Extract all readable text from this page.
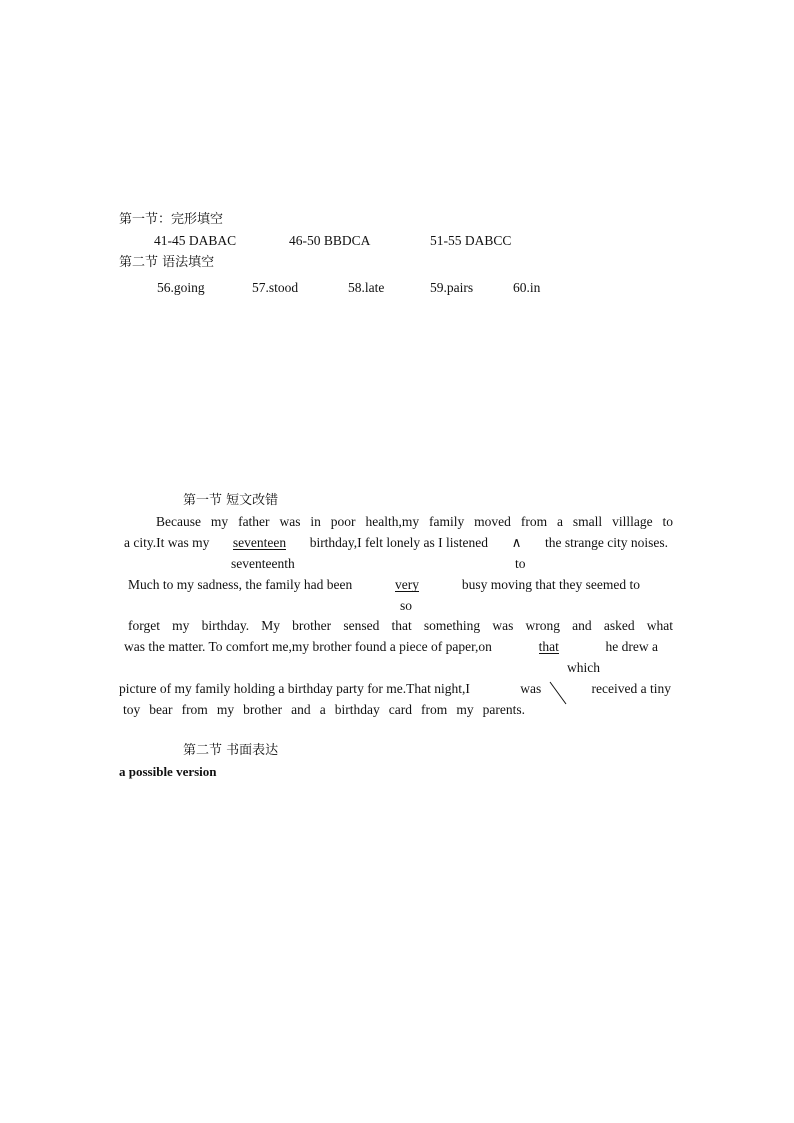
第一节：完形填空
41-45 DABAC	46-50 BBDCA	51-55 DABCC
第二节 语法填空
56.going	57.stood	58.late	59.pairs	60.in
第一节 短文改错
Because my father was in poor health,my family moved from a small villlage to
a city.It was my seventeen birthday,I felt lonely as I listened ∧ the strange city noises.
seventeenth	to
Much to my sadness, the family had been	very	busy moving that they seemed to
so
forget my birthday. My brother sensed that something was wrong and asked what
was the matter. To comfort me,my brother found a piece of paper,on	that	he drew a
which
picture of my family holding a birthday party for me.That night,I	was	received a tiny
toy bear from my brother and a birthday card from my parents.
第二节 书面表达
a possible version
